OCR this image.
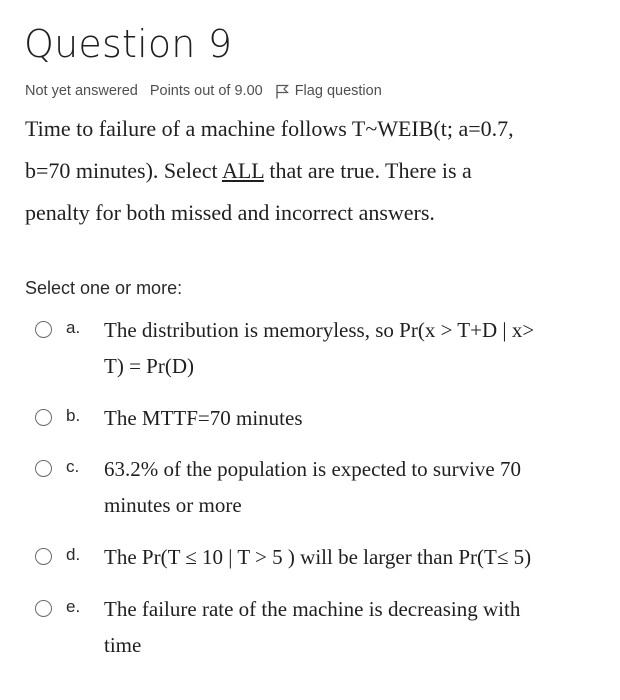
Question 9
Not yet answered Points out of 9.00 Flag question
Time to failure of a machine follows T~WEIB(t; a=0.7,
b=70 minutes). Select ALL that are true. There is a
penalty for both missed and incorrect answers.
Select one or more:
a. The distribution is memoryless, so Pr(x > T+D | x>
T) = Pr(D)
b. The MTTF=70 minutes
c. 63.2% of the population is expected to survive 70
minutes or more
d. The Pr(T ≤ 10 | T > 5 ) will be larger than Pr(T≤ 5)
e. The failure rate of the machine is decreasing with
time
